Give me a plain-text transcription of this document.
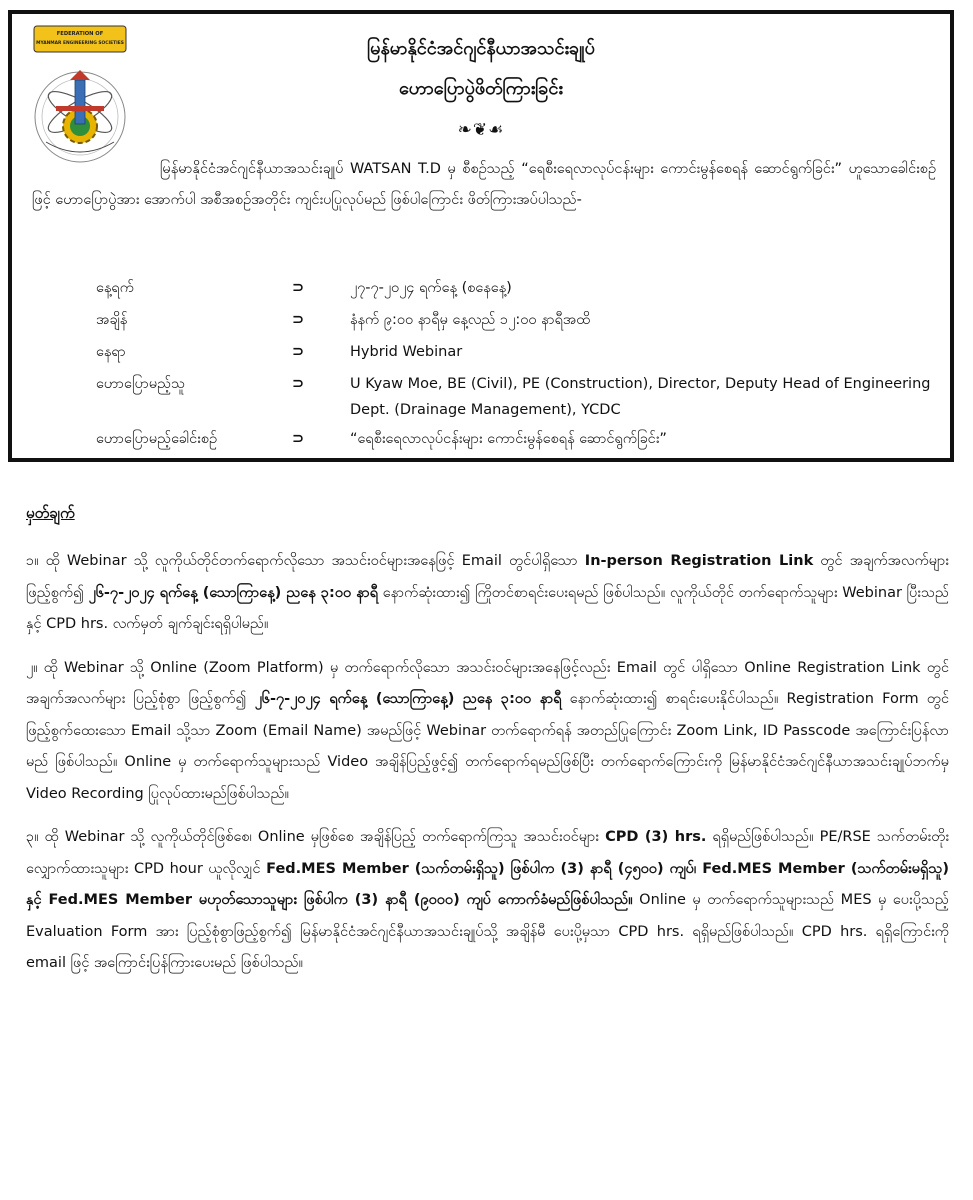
FEDERATION OF
MYANMAR ENGINEERING SOCIETIES	မြန်မာနိုင်ငံအင်ဂျင်နီယာအသင်းချုပ်
ဟောပြောပွဲဖိတ်ကြားခြင်း
❧❦☙
မြန်မာနိုင်ငံအင်ဂျင်နီယာအသင်းချုပ် WATSAN T.D မှ စီစဉ်သည့် “ရေစီးရေလာလုပ်ငန်းများ ကောင်းမွန်စေရန် ဆောင်ရွက်ခြင်း” ဟူသောခေါင်းစဉ်ဖြင့် ဟောပြောပွဲအား အောက်ပါ အစီအစဉ်အတိုင်း ကျင်းပပြုလုပ်မည် ဖြစ်ပါကြောင်း ဖိတ်ကြားအပ်ပါသည်-
နေ့ရက်	⊃	၂၇-၇-၂၀၂၄ ရက်နေ့ (စနေနေ့)
အချိန်	⊃	နံနက် ၉:၀၀ နာရီမှ နေ့လည် ၁၂:၀၀ နာရီအထိ
နေရာ	⊃	Hybrid Webinar
ဟောပြောမည့်သူ	⊃	U Kyaw Moe, BE (Civil), PE (Construction), Director, Deputy Head of Engineering Dept. (Drainage Management), YCDC
ဟောပြောမည့်ခေါင်းစဉ်	⊃	“ရေစီးရေလာလုပ်ငန်းများ ကောင်းမွန်စေရန် ဆောင်ရွက်ခြင်း”
မှတ်ချက်

၁။ ထို Webinar သို့ လူကိုယ်တိုင်တက်ရောက်လိုသော အသင်းဝင်များအနေဖြင့် Email တွင်ပါရှိသော In-person Registration Link တွင် အချက်အလက်များ ဖြည့်စွက်၍ ၂၆-၇-၂၀၂၄ ရက်နေ့ (သောကြာနေ့) ညနေ ၃:၀၀ နာရီ နောက်ဆုံးထား၍ ကြိုတင်စာရင်းပေးရမည် ဖြစ်ပါသည်။ လူကိုယ်တိုင် တက်ရောက်သူများ Webinar ပြီးသည်နှင့် CPD hrs. လက်မှတ် ချက်ချင်းရရှိပါမည်။

၂။ ထို Webinar သို့ Online (Zoom Platform) မှ တက်ရောက်လိုသော အသင်းဝင်များအနေဖြင့်လည်း Email တွင် ပါရှိသော Online Registration Link တွင် အချက်အလက်များ ပြည့်စုံစွာ ဖြည့်စွက်၍ ၂၆-၇-၂၀၂၄ ရက်နေ့ (သောကြာနေ့) ညနေ ၃:၀၀ နာရီ နောက်ဆုံးထား၍ စာရင်းပေးနိုင်ပါသည်။ Registration Form တွင် ဖြည့်စွက်ထေးသော Email သို့သာ Zoom (Email Name) အမည်ဖြင့် Webinar တက်ရောက်ရန် အတည်ပြုကြောင်း Zoom Link, ID Passcode အကြောင်းပြန်လာမည် ဖြစ်ပါသည်။ Online မှ တက်ရောက်သူများသည် Video အချိန်ပြည့်ဖွင့်၍ တက်ရောက်ရမည်ဖြစ်ပြီး တက်ရောက်ကြောင်းကို မြန်မာနိုင်ငံအင်ဂျင်နီယာအသင်းချုပ်ဘက်မှ Video Recording ပြုလုပ်ထားမည်ဖြစ်ပါသည်။

၃။ ထို Webinar သို့ လူကိုယ်တိုင်ဖြစ်စေ၊ Online မှဖြစ်စေ အချိန်ပြည့် တက်ရောက်ကြသူ အသင်းဝင်များ CPD (3) hrs. ရရှိမည်ဖြစ်ပါသည်။ PE/RSE သက်တမ်းတိုးလျှောက်ထားသူများ CPD hour ယူလိုလျှင် Fed.MES Member (သက်တမ်းရှိသူ) ဖြစ်ပါက (3) နာရီ (၄၅၀၀) ကျပ်၊ Fed.MES Member (သက်တမ်းမရှိသူ) နှင့် Fed.MES Member မဟုတ်သောသူများ ဖြစ်ပါက (3) နာရီ (၉၀၀၀) ကျပ် ကောက်ခံမည်ဖြစ်ပါသည်။ Online မှ တက်ရောက်သူများသည် MES မှ ပေးပို့သည့် Evaluation Form အား ပြည့်စုံစွာဖြည့်စွက်၍ မြန်မာနိုင်ငံအင်ဂျင်နီယာအသင်းချုပ်သို့ အချိန်မီ ပေးပို့မှသာ CPD hrs. ရရှိမည်ဖြစ်ပါသည်။ CPD hrs. ရရှိကြောင်းကို email ဖြင့် အကြောင်းပြန်ကြားပေးမည် ဖြစ်ပါသည်။
